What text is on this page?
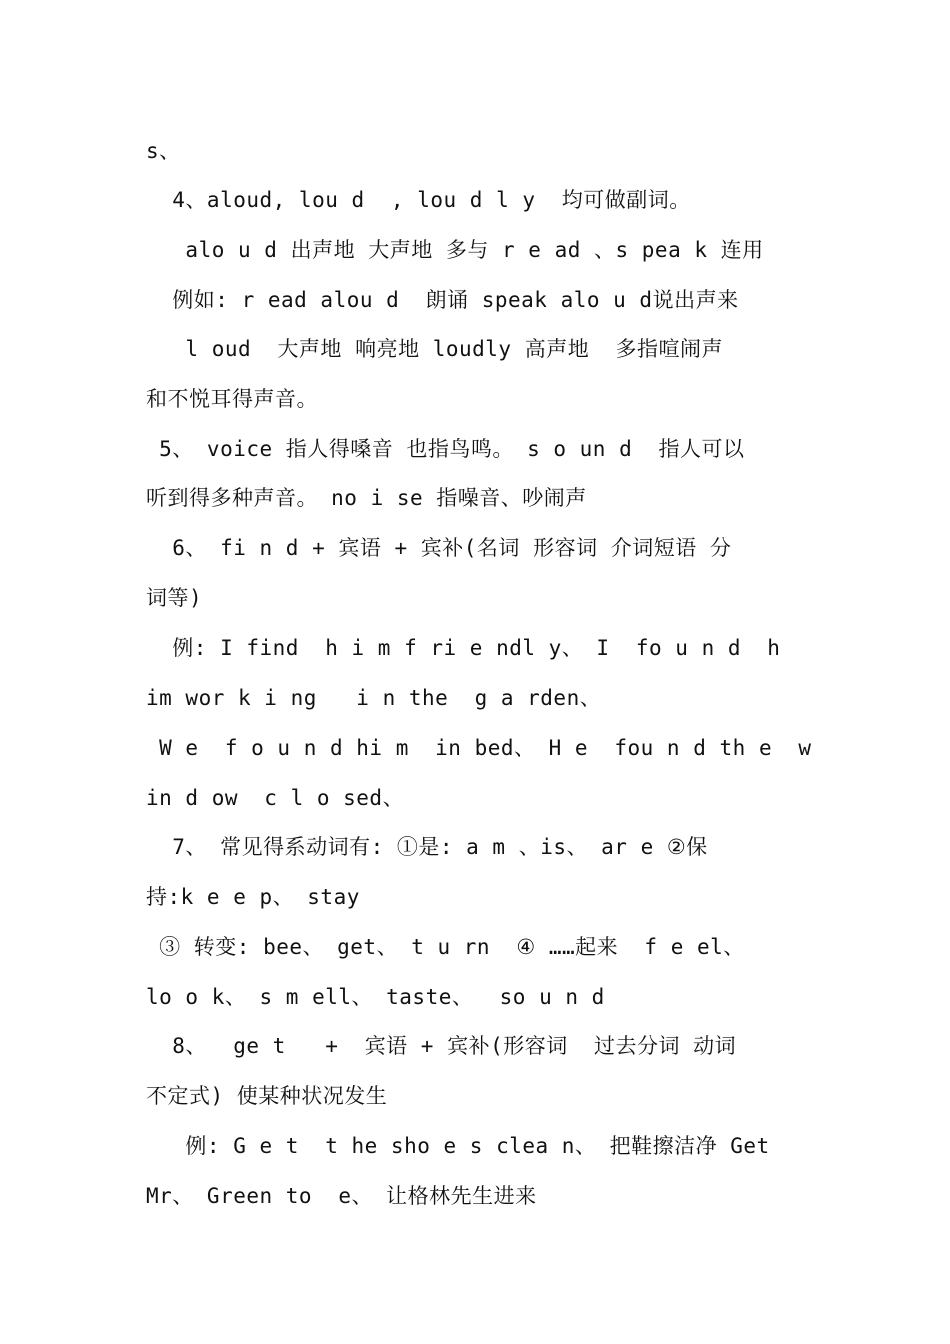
s、
4、aloud, lou d  , lou d l y  均可做副词。
alo u d 出声地 大声地 多与 r e ad 、s pea k 连用
例如: r ead alou d  朗诵 speak alo u d说出声来
l oud  大声地 响亮地 loudly 高声地  多指喧闹声
和不悦耳得声音。
5、 voice 指人得嗓音 也指鸟鸣。 s o un d  指人可以
听到得多种声音。 no i se 指噪音、吵闹声
6、 fi n d + 宾语 + 宾补(名词 形容词 介词短语 分
词等)
例: I find  h i m f ri e ndl y、 I  fo u n d  h
im wor k i ng   i n the  g a rden、
W e  f o u n d hi m  in bed、 H e  fou n d th e  w
in d ow  c l o sed、
7、 常见得系动词有: ①是: a m 、is、 ar e ②保
持:k e e p、 stay
③ 转变: bee、 get、 t u rn  ④ ……起来  f e el、
lo o k、 s m ell、 taste、  so u n d
8、  ge t   +  宾语 + 宾补(形容词  过去分词 动词
不定式) 使某种状况发生
例: G e t  t he sho e s clea n、 把鞋擦洁净 Get
Mr、 Green to  e、 让格林先生进来
